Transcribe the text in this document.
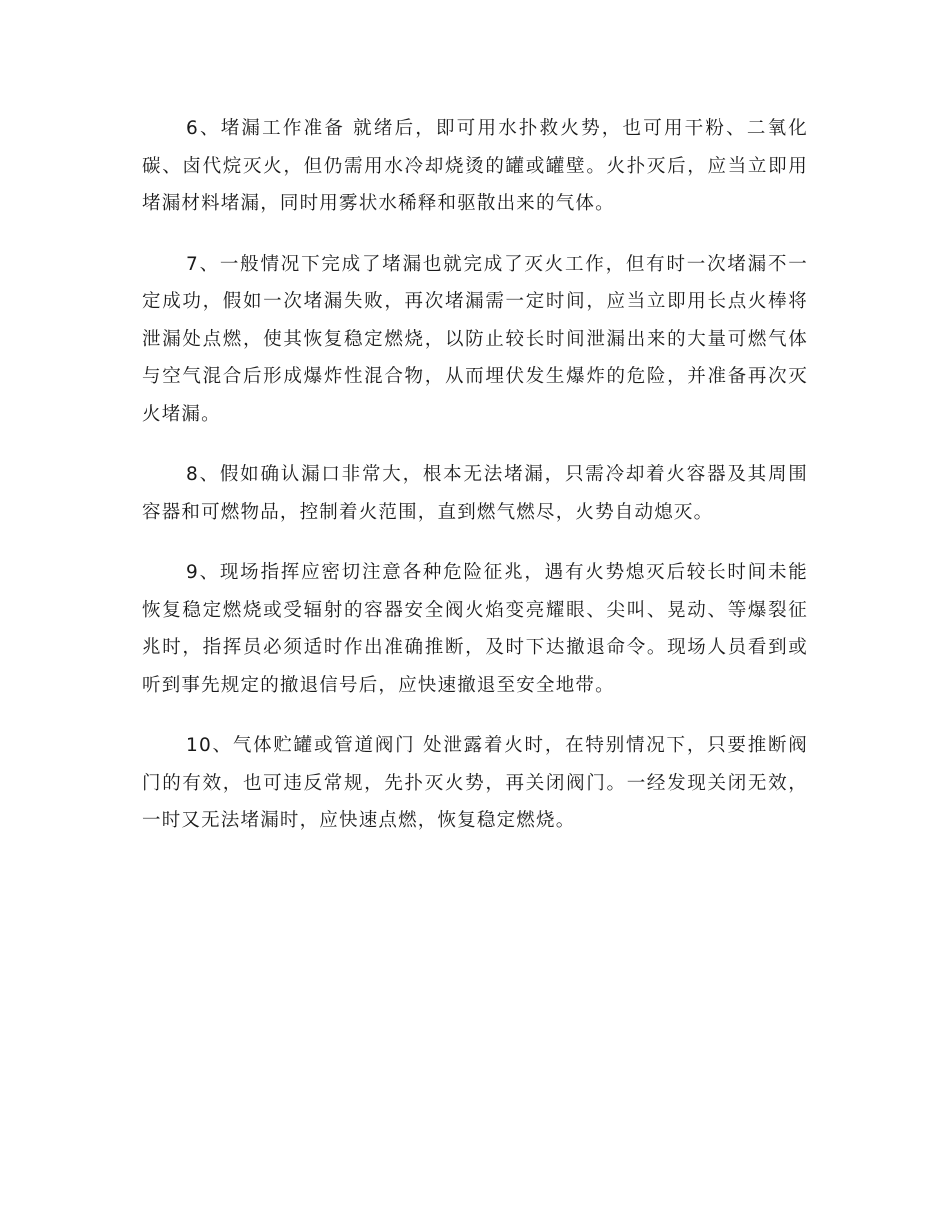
6、堵漏工作准备 就绪后，即可用水扑救火势，也可用干粉、二氧化碳、卤代烷灭火，但仍需用水冷却烧烫的罐或罐壁。火扑灭后，应当立即用堵漏材料堵漏，同时用雾状水稀释和驱散出来的气体。

7、一般情况下完成了堵漏也就完成了灭火工作，但有时一次堵漏不一定成功，假如一次堵漏失败，再次堵漏需一定时间，应当立即用长点火棒将泄漏处点燃，使其恢复稳定燃烧，以防止较长时间泄漏出来的大量可燃气体与空气混合后形成爆炸性混合物，从而埋伏发生爆炸的危险，并准备再次灭火堵漏。

8、假如确认漏口非常大，根本无法堵漏，只需冷却着火容器及其周围容器和可燃物品，控制着火范围，直到燃气燃尽，火势自动熄灭。

9、现场指挥应密切注意各种危险征兆，遇有火势熄灭后较长时间未能恢复稳定燃烧或受辐射的容器安全阀火焰变亮耀眼、尖叫、晃动、等爆裂征兆时，指挥员必须适时作出准确推断，及时下达撤退命令。现场人员看到或听到事先规定的撤退信号后，应快速撤退至安全地带。

10、气体贮罐或管道阀门 处泄露着火时，在特别情况下，只要推断阀门的有效，也可违反常规，先扑灭火势，再关闭阀门。一经发现关闭无效，一时又无法堵漏时，应快速点燃，恢复稳定燃烧。
